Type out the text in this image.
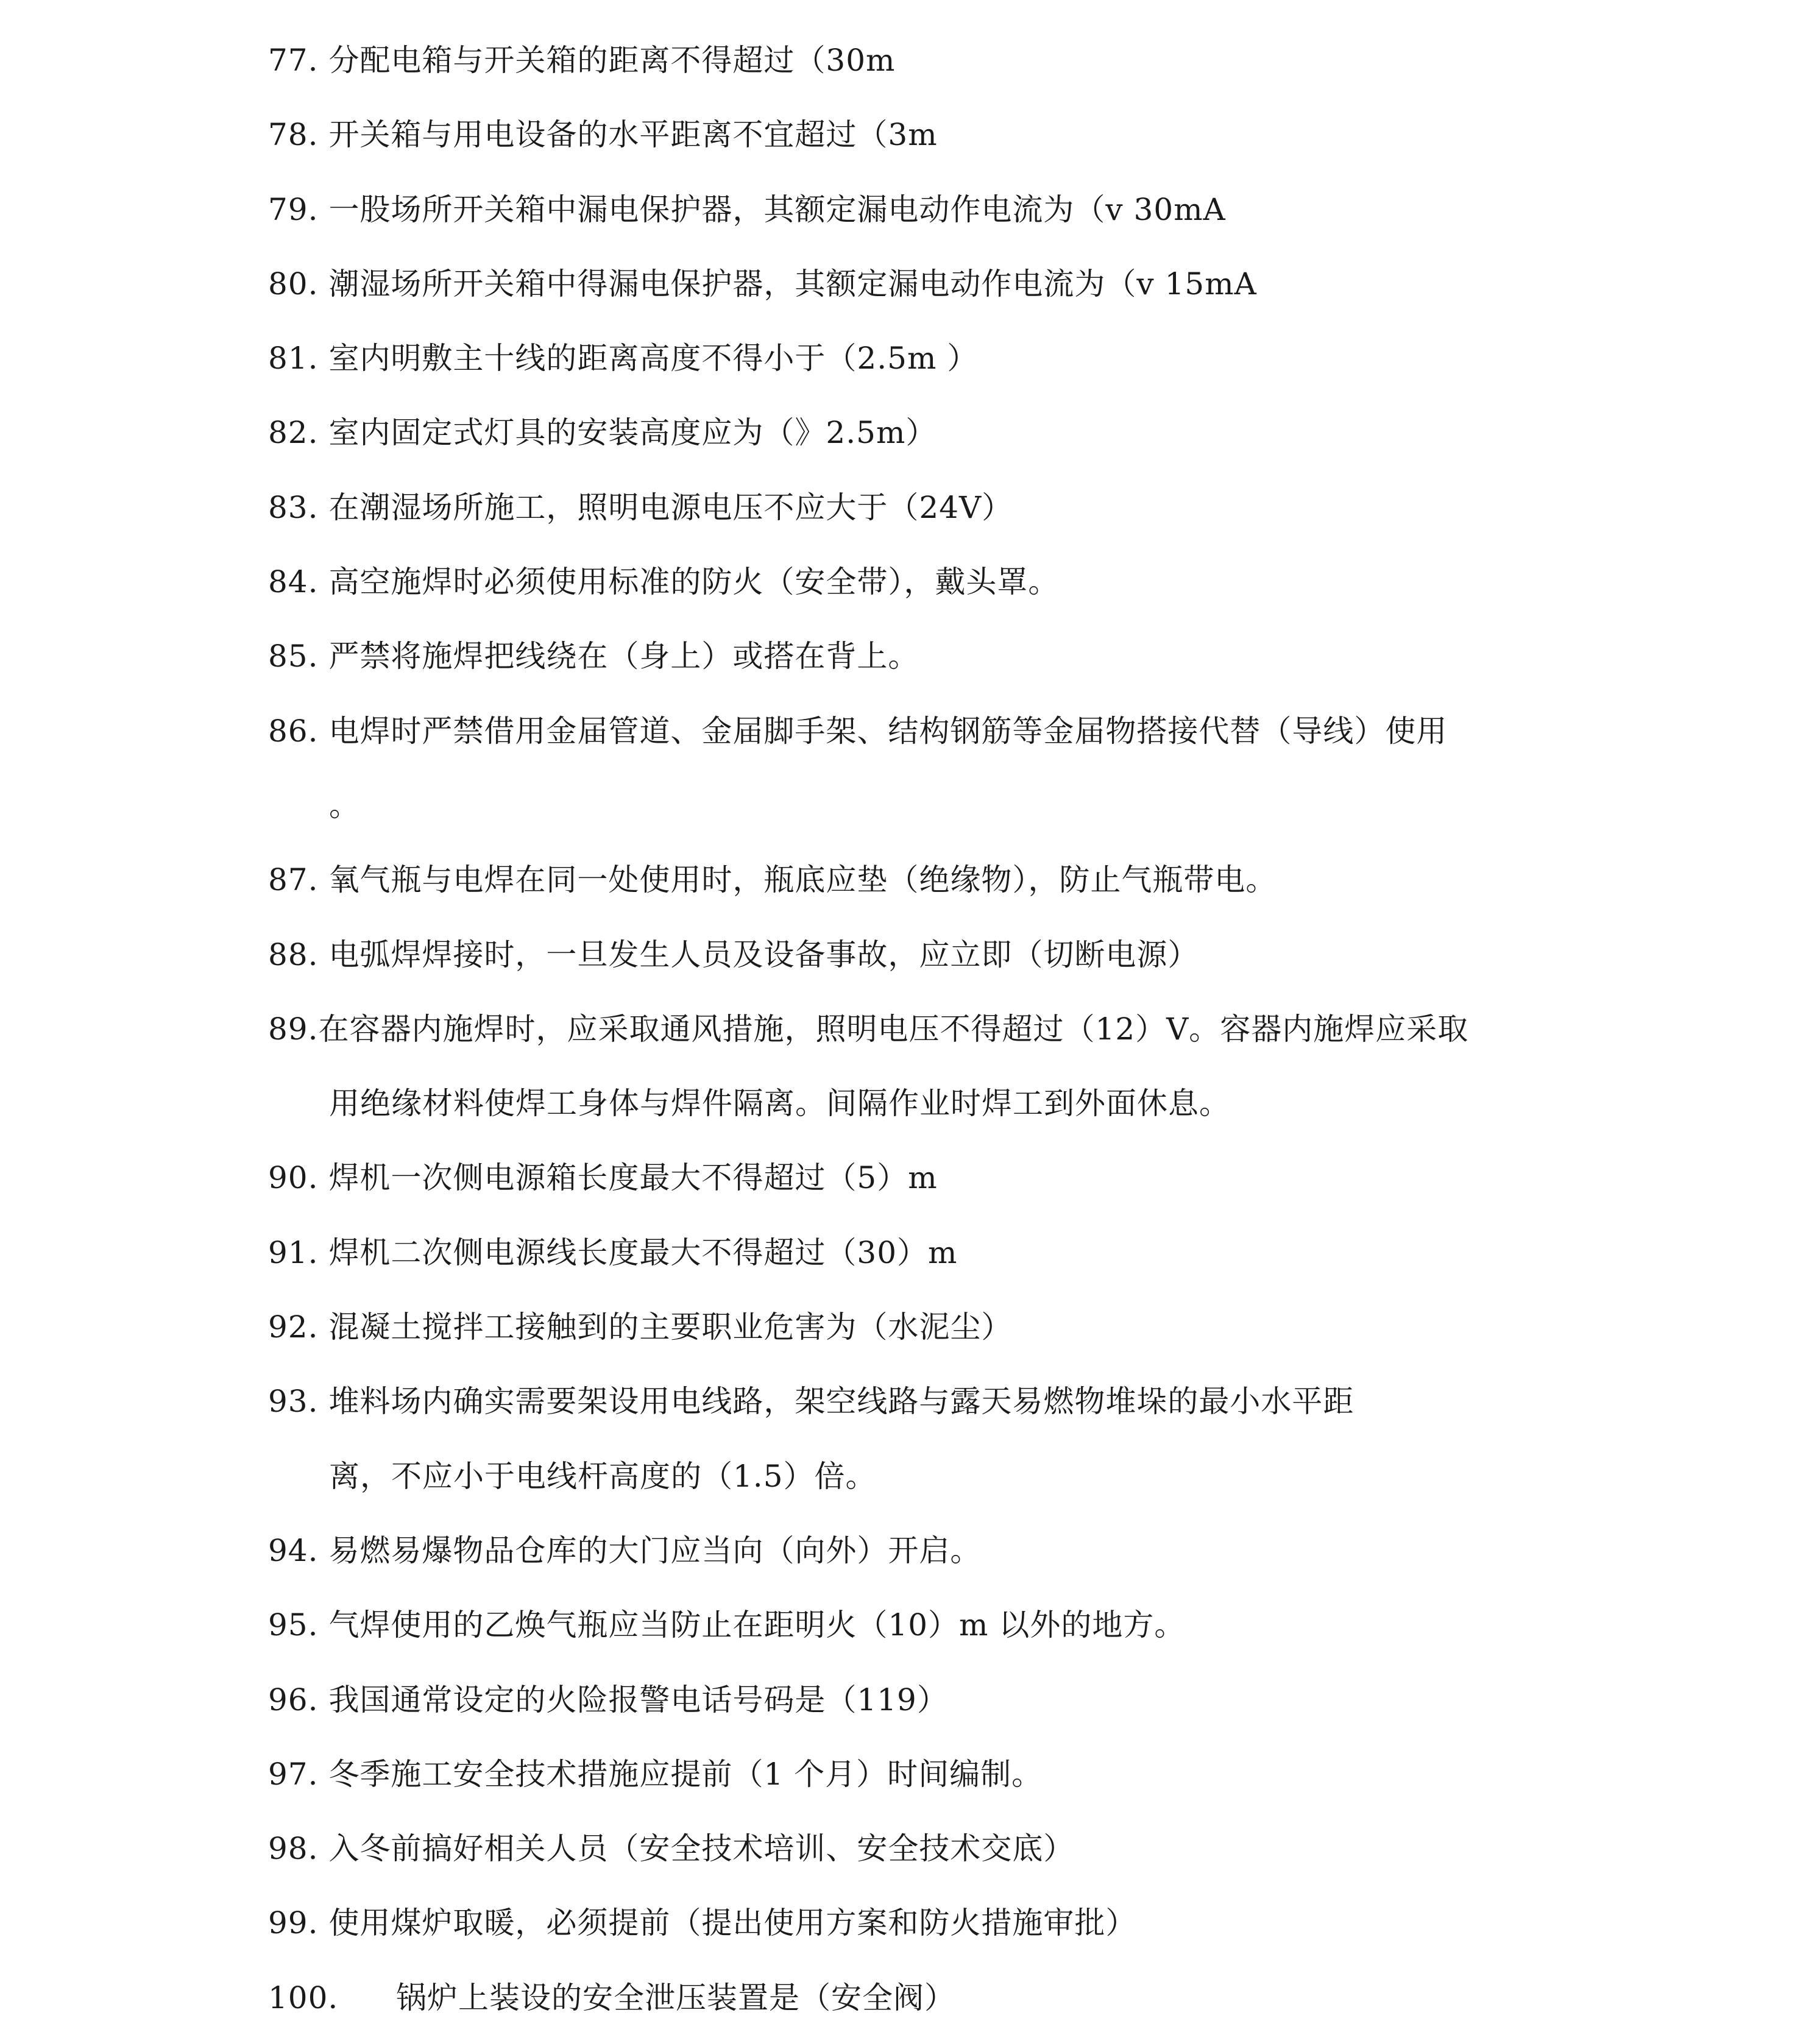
77. 分配电箱与开关箱的距离不得超过（30m
78. 开关箱与用电设备的水平距离不宜超过（3m
79. 一股场所开关箱中漏电保护器，其额定漏电动作电流为（v 30mA
80. 潮湿场所开关箱中得漏电保护器，其额定漏电动作电流为（v 15mA
81. 室内明敷主十线的距离高度不得小于（2.5m ）
82. 室内固定式灯具的安装高度应为（》2.5m）
83. 在潮湿场所施工，照明电源电压不应大于（24V）
84. 高空施焊时必须使用标准的防火（安全带），戴头罩。
85. 严禁将施焊把线绕在（身上）或搭在背上。
86. 电焊时严禁借用金届管道、金届脚手架、结构钢筋等金届物搭接代替（导线）使用
。
87. 氧气瓶与电焊在同一处使用时，瓶底应垫（绝缘物），防止气瓶带电。
88. 电弧焊焊接时，一旦发生人员及设备事故，应立即（切断电源）
89.在容器内施焊时，应采取通风措施，照明电压不得超过（12）V。容器内施焊应采取
用绝缘材料使焊工身体与焊件隔离。间隔作业时焊工到外面休息。
90. 焊机一次侧电源箱长度最大不得超过（5）m
91. 焊机二次侧电源线长度最大不得超过（30）m
92. 混凝土搅拌工接触到的主要职业危害为（水泥尘）
93. 堆料场内确实需要架设用电线路，架空线路与露天易燃物堆垛的最小水平距
离，不应小于电线杆高度的（1.5）倍。
94. 易燃易爆物品仓库的大门应当向（向外）开启。
95. 气焊使用的乙焕气瓶应当防止在距明火（10）m 以外的地方。
96. 我国通常设定的火险报警电话号码是（119）
97. 冬季施工安全技术措施应提前（1 个月）时间编制。
98. 入冬前搞好相关人员（安全技术培训、安全技术交底）
99. 使用煤炉取暖，必须提前（提出使用方案和防火措施审批）
100. 锅炉上装设的安全泄压装置是（安全阀）
